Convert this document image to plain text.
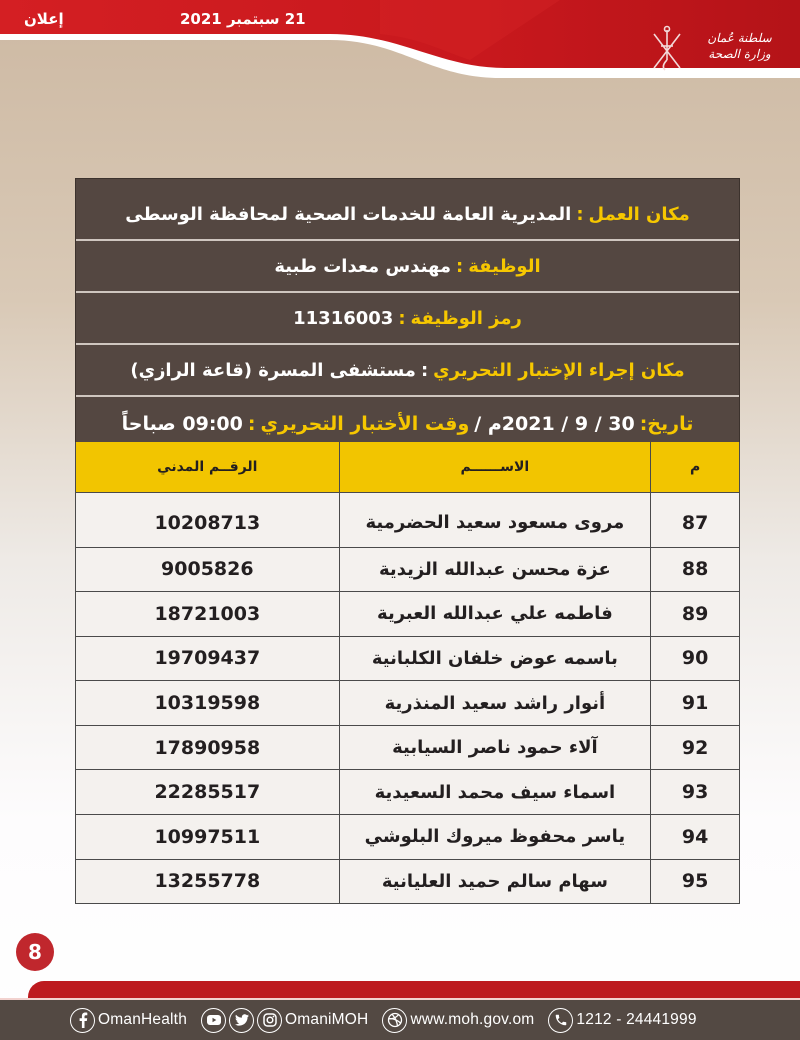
إعلان	21 سبتمبر 2021
سلطنة عُمان
وزارة الصحة
مكان العمل
:
المديرية العامة للخدمات الصحية لمحافظة الوسطى
الوظيفة
:
مهندس معدات طبية
رمز الوظيفة
:
11316003
مكان إجراء الإختبار التحريري
:
مستشفى المسرة (قاعة الرازي)
تاريخ:
30 / 9 / 2021م /
وقت الأختبار التحريري
:
09:00 صباحاً
م	الاســــــم	الرقــم المدني
87	مروى مسعود سعيد الحضرمية	10208713
88	عزة محسن عبدالله الزيدية	9005826
89	فاطمه علي عبدالله العبرية	18721003
90	باسمه عوض خلفان الكلبانية	19709437
91	أنوار راشد سعيد المنذرية	10319598
92	آلاء حمود ناصر السيابية	17890958
93	اسماء سيف محمد السعيدية	22285517
94	ياسر محفوظ ميروك البلوشي	10997511
95	سهام سالم حميد العليانية	13255778
8
OmanHealth	OmaniMOH	www.moh.gov.om	1212 - 24441999
